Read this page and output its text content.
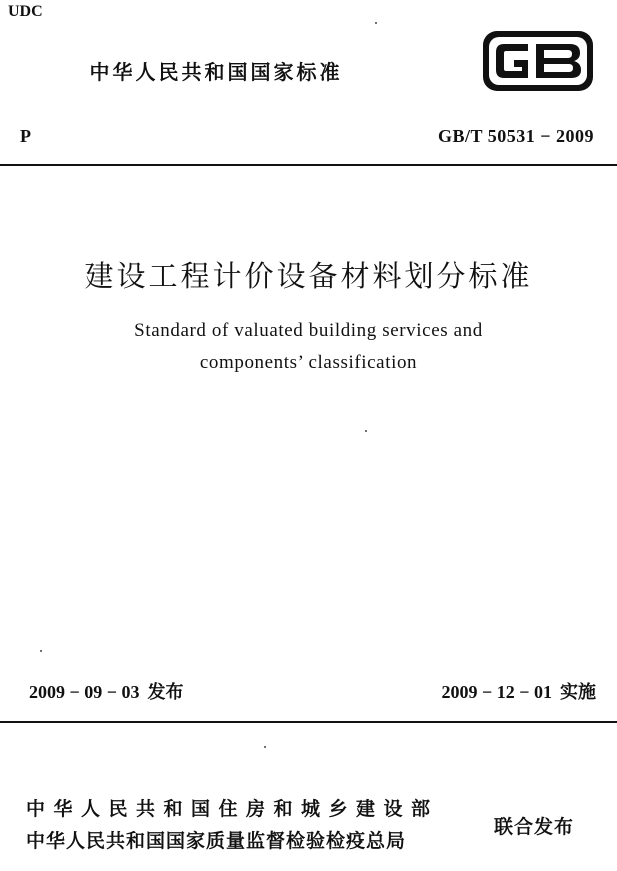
UDC
中华人民共和国国家标准
P	GB/T 50531 − 2009
建设工程计价设备材料划分标准
Standard of valuated building services and
components’ classification
2009 − 09 − 03 发布	2009 − 12 − 01 实施
中华人民共和国住房和城乡建设部
中华人民共和国国家质量监督检验检疫总局
联合发布
